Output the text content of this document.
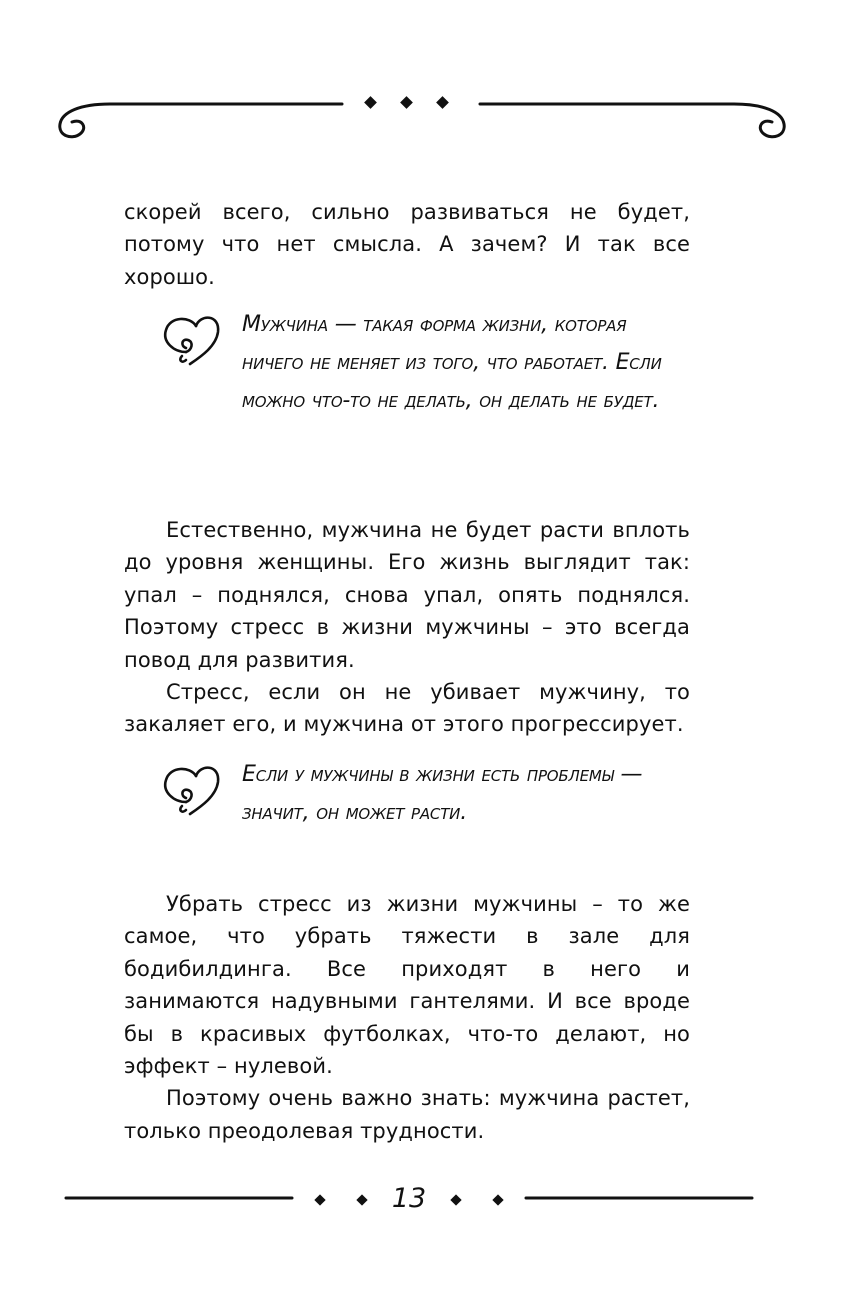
скорей всего, сильно развиваться не будет, потому что нет смысла. А зачем? И так все хорошо.

Мужчина — такая форма жизни, которая ничего не меняет из того, что работает. Если можно что-то не делать, он делать не будет.

Естественно, мужчина не будет расти вплоть до уровня женщины. Его жизнь выглядит так: упал – поднялся, снова упал, опять поднялся. Поэтому стресс в жизни мужчины – это всегда повод для развития.

Стресс, если он не убивает мужчину, то закаляет его, и мужчина от этого прогрессирует.

Если у мужчины в жизни есть проблемы — значит, он может расти.

Убрать стресс из жизни мужчины – то же самое, что убрать тяжести в зале для бодибилдинга. Все приходят в него и занимаются надувными гантелями. И все вроде бы в красивых футболках, что-то делают, но эффект – нулевой.

Поэтому очень важно знать: мужчина растет, только преодолевая трудности.

13
